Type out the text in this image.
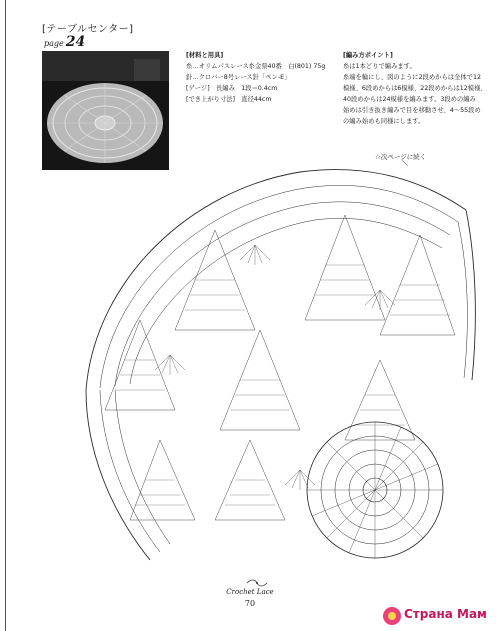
[テーブルセンター]
page 24
[材料と用具]
糸…オリムパスレース糸金票40番　白(801) 75g
針…クロバー8号レース針「ペン-E」
[ゲージ]　長編み　1段＝0.4cm
[でき上がり寸法]　直径44cm
[編み方ポイント]
糸は1本どりで編みます。
糸端を輪にし、図のように2段めからは全体で12
模様、6段めからは6模様、22段めからは12模様、
40段めからは24模様を編みます。3段めの編み
始めは引き抜き編みで目を移動させ、4～55段め
の編み始めも同様にします。
☆次ページに続く
Crochet Lace
70
Страна Мам
